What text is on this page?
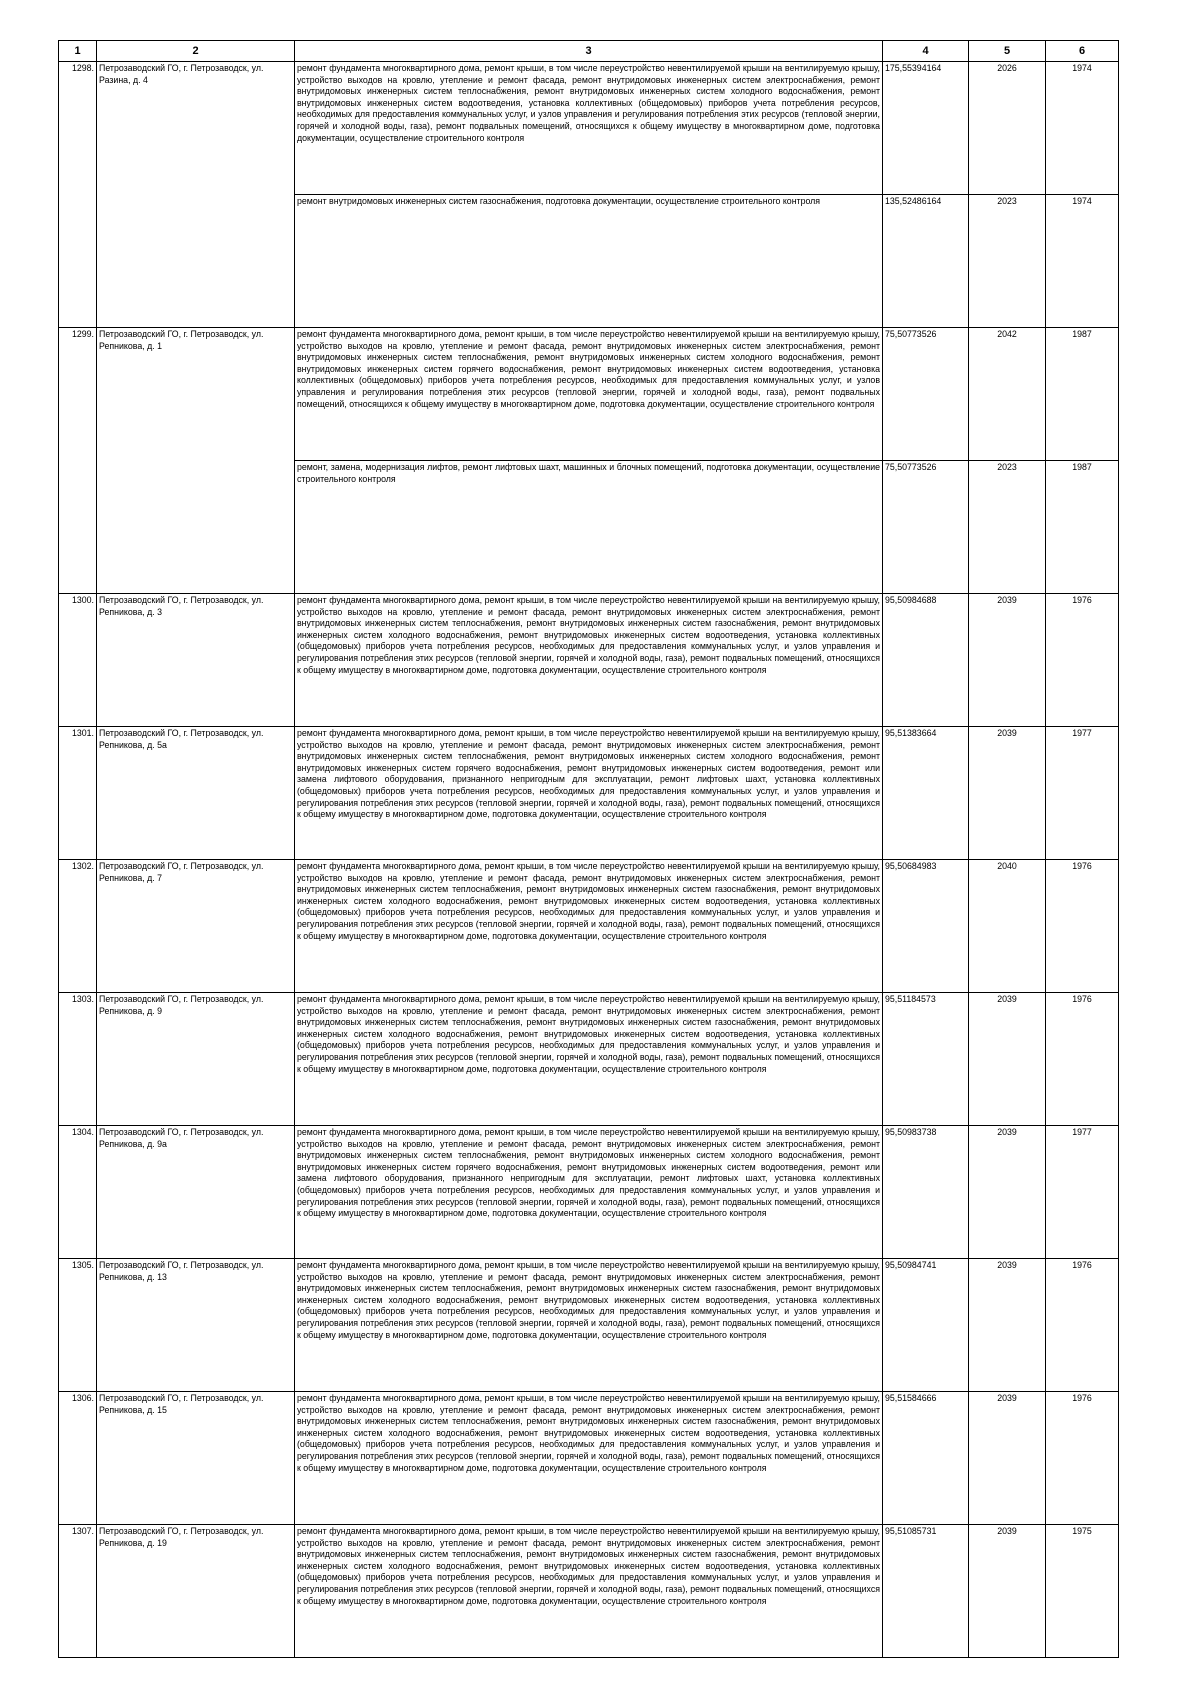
1	2	3	4	5	6
1298.	Петрозаводский ГО, г. Петрозаводск, ул. Разина, д. 4	ремонт фундамента многоквартирного дома, ремонт крыши, в том числе переустройство невентилируемой крыши на вентилируемую крышу, устройство выходов на кровлю, утепление и ремонт фасада, ремонт внутридомовых инженерных систем электроснабжения, ремонт внутридомовых инженерных систем теплоснабжения, ремонт внутридомовых инженерных систем холодного водоснабжения, ремонт внутридомовых инженерных систем водоотведения, установка коллективных (общедомовых) приборов учета потребления ресурсов, необходимых для предоставления коммунальных услуг, и узлов управления и регулирования потребления этих ресурсов (тепловой энергии, горячей и холодной воды, газа), ремонт подвальных помещений, относящихся к общему имуществу в многоквартирном доме, подготовка документации, осуществление строительного контроля	175,55394164	2026	1974
		ремонт внутридомовых инженерных систем газоснабжения, подготовка документации, осуществление строительного контроля	135,52486164	2023	1974
1299.	Петрозаводский ГО, г. Петрозаводск, ул. Репникова, д. 1	ремонт фундамента многоквартирного дома, ремонт крыши, в том числе переустройство невентилируемой крыши на вентилируемую крышу, устройство выходов на кровлю, утепление и ремонт фасада, ремонт внутридомовых инженерных систем электроснабжения, ремонт внутридомовых инженерных систем теплоснабжения, ремонт внутридомовых инженерных систем холодного водоснабжения, ремонт внутридомовых инженерных систем горячего водоснабжения, ремонт внутридомовых инженерных систем водоотведения, установка коллективных (общедомовых) приборов учета потребления ресурсов, необходимых для предоставления коммунальных услуг, и узлов управления и регулирования потребления этих ресурсов (тепловой энергии, горячей и холодной воды, газа), ремонт подвальных помещений, относящихся к общему имуществу в многоквартирном доме, подготовка документации, осуществление строительного контроля	75,50773526	2042	1987
		ремонт, замена, модернизация лифтов, ремонт лифтовых шахт, машинных и блочных помещений, подготовка документации, осуществление строительного контроля	75,50773526	2023	1987
1300.	Петрозаводский ГО, г. Петрозаводск, ул. Репникова, д. 3	ремонт фундамента многоквартирного дома, ремонт крыши, в том числе переустройство невентилируемой крыши на вентилируемую крышу, устройство выходов на кровлю, утепление и ремонт фасада, ремонт внутридомовых инженерных систем электроснабжения, ремонт внутридомовых инженерных систем теплоснабжения, ремонт внутридомовых инженерных систем газоснабжения, ремонт внутридомовых инженерных систем холодного водоснабжения, ремонт внутридомовых инженерных систем водоотведения, установка коллективных (общедомовых) приборов учета потребления ресурсов, необходимых для предоставления коммунальных услуг, и узлов управления и регулирования потребления этих ресурсов (тепловой энергии, горячей и холодной воды, газа), ремонт подвальных помещений, относящихся к общему имуществу в многоквартирном доме, подготовка документации, осуществление строительного контроля	95,50984688	2039	1976
1301.	Петрозаводский ГО, г. Петрозаводск, ул. Репникова, д. 5а	ремонт фундамента многоквартирного дома, ремонт крыши, в том числе переустройство невентилируемой крыши на вентилируемую крышу, устройство выходов на кровлю, утепление и ремонт фасада, ремонт внутридомовых инженерных систем электроснабжения, ремонт внутридомовых инженерных систем теплоснабжения, ремонт внутридомовых инженерных систем холодного водоснабжения, ремонт внутридомовых инженерных систем горячего водоснабжения, ремонт внутридомовых инженерных систем водоотведения, ремонт или замена лифтового оборудования, признанного непригодным для эксплуатации, ремонт лифтовых шахт, установка коллективных (общедомовых) приборов учета потребления ресурсов, необходимых для предоставления коммунальных услуг, и узлов управления и регулирования потребления этих ресурсов (тепловой энергии, горячей и холодной воды, газа), ремонт подвальных помещений, относящихся к общему имуществу в многоквартирном доме, подготовка документации, осуществление строительного контроля	95,51383664	2039	1977
1302.	Петрозаводский ГО, г. Петрозаводск, ул. Репникова, д. 7	ремонт фундамента многоквартирного дома, ремонт крыши, в том числе переустройство невентилируемой крыши на вентилируемую крышу, устройство выходов на кровлю, утепление и ремонт фасада, ремонт внутридомовых инженерных систем электроснабжения, ремонт внутридомовых инженерных систем теплоснабжения, ремонт внутридомовых инженерных систем газоснабжения, ремонт внутридомовых инженерных систем холодного водоснабжения, ремонт внутридомовых инженерных систем водоотведения, установка коллективных (общедомовых) приборов учета потребления ресурсов, необходимых для предоставления коммунальных услуг, и узлов управления и регулирования потребления этих ресурсов (тепловой энергии, горячей и холодной воды, газа), ремонт подвальных помещений, относящихся к общему имуществу в многоквартирном доме, подготовка документации, осуществление строительного контроля	95,50684983	2040	1976
1303.	Петрозаводский ГО, г. Петрозаводск, ул. Репникова, д. 9	ремонт фундамента многоквартирного дома, ремонт крыши, в том числе переустройство невентилируемой крыши на вентилируемую крышу, устройство выходов на кровлю, утепление и ремонт фасада, ремонт внутридомовых инженерных систем электроснабжения, ремонт внутридомовых инженерных систем теплоснабжения, ремонт внутридомовых инженерных систем газоснабжения, ремонт внутридомовых инженерных систем холодного водоснабжения, ремонт внутридомовых инженерных систем водоотведения, установка коллективных (общедомовых) приборов учета потребления ресурсов, необходимых для предоставления коммунальных услуг, и узлов управления и регулирования потребления этих ресурсов (тепловой энергии, горячей и холодной воды, газа), ремонт подвальных помещений, относящихся к общему имуществу в многоквартирном доме, подготовка документации, осуществление строительного контроля	95,51184573	2039	1976
1304.	Петрозаводский ГО, г. Петрозаводск, ул. Репникова, д. 9а	ремонт фундамента многоквартирного дома, ремонт крыши, в том числе переустройство невентилируемой крыши на вентилируемую крышу, устройство выходов на кровлю, утепление и ремонт фасада, ремонт внутридомовых инженерных систем электроснабжения, ремонт внутридомовых инженерных систем теплоснабжения, ремонт внутридомовых инженерных систем холодного водоснабжения, ремонт внутридомовых инженерных систем горячего водоснабжения, ремонт внутридомовых инженерных систем водоотведения, ремонт или замена лифтового оборудования, признанного непригодным для эксплуатации, ремонт лифтовых шахт, установка коллективных (общедомовых) приборов учета потребления ресурсов, необходимых для предоставления коммунальных услуг, и узлов управления и регулирования потребления этих ресурсов (тепловой энергии, горячей и холодной воды, газа), ремонт подвальных помещений, относящихся к общему имуществу в многоквартирном доме, подготовка документации, осуществление строительного контроля	95,50983738	2039	1977
1305.	Петрозаводский ГО, г. Петрозаводск, ул. Репникова, д. 13	ремонт фундамента многоквартирного дома, ремонт крыши, в том числе переустройство невентилируемой крыши на вентилируемую крышу, устройство выходов на кровлю, утепление и ремонт фасада, ремонт внутридомовых инженерных систем электроснабжения, ремонт внутридомовых инженерных систем теплоснабжения, ремонт внутридомовых инженерных систем газоснабжения, ремонт внутридомовых инженерных систем холодного водоснабжения, ремонт внутридомовых инженерных систем водоотведения, установка коллективных (общедомовых) приборов учета потребления ресурсов, необходимых для предоставления коммунальных услуг, и узлов управления и регулирования потребления этих ресурсов (тепловой энергии, горячей и холодной воды, газа), ремонт подвальных помещений, относящихся к общему имуществу в многоквартирном доме, подготовка документации, осуществление строительного контроля	95,50984741	2039	1976
1306.	Петрозаводский ГО, г. Петрозаводск, ул. Репникова, д. 15	ремонт фундамента многоквартирного дома, ремонт крыши, в том числе переустройство невентилируемой крыши на вентилируемую крышу, устройство выходов на кровлю, утепление и ремонт фасада, ремонт внутридомовых инженерных систем электроснабжения, ремонт внутридомовых инженерных систем теплоснабжения, ремонт внутридомовых инженерных систем газоснабжения, ремонт внутридомовых инженерных систем холодного водоснабжения, ремонт внутридомовых инженерных систем водоотведения, установка коллективных (общедомовых) приборов учета потребления ресурсов, необходимых для предоставления коммунальных услуг, и узлов управления и регулирования потребления этих ресурсов (тепловой энергии, горячей и холодной воды, газа), ремонт подвальных помещений, относящихся к общему имуществу в многоквартирном доме, подготовка документации, осуществление строительного контроля	95,51584666	2039	1976
1307.	Петрозаводский ГО, г. Петрозаводск, ул. Репникова, д. 19	ремонт фундамента многоквартирного дома, ремонт крыши, в том числе переустройство невентилируемой крыши на вентилируемую крышу, устройство выходов на кровлю, утепление и ремонт фасада, ремонт внутридомовых инженерных систем электроснабжения, ремонт внутридомовых инженерных систем теплоснабжения, ремонт внутридомовых инженерных систем газоснабжения, ремонт внутридомовых инженерных систем холодного водоснабжения, ремонт внутридомовых инженерных систем водоотведения, установка коллективных (общедомовых) приборов учета потребления ресурсов, необходимых для предоставления коммунальных услуг, и узлов управления и регулирования потребления этих ресурсов (тепловой энергии, горячей и холодной воды, газа), ремонт подвальных помещений, относящихся к общему имуществу в многоквартирном доме, подготовка документации, осуществление строительного контроля	95,51085731	2039	1975
